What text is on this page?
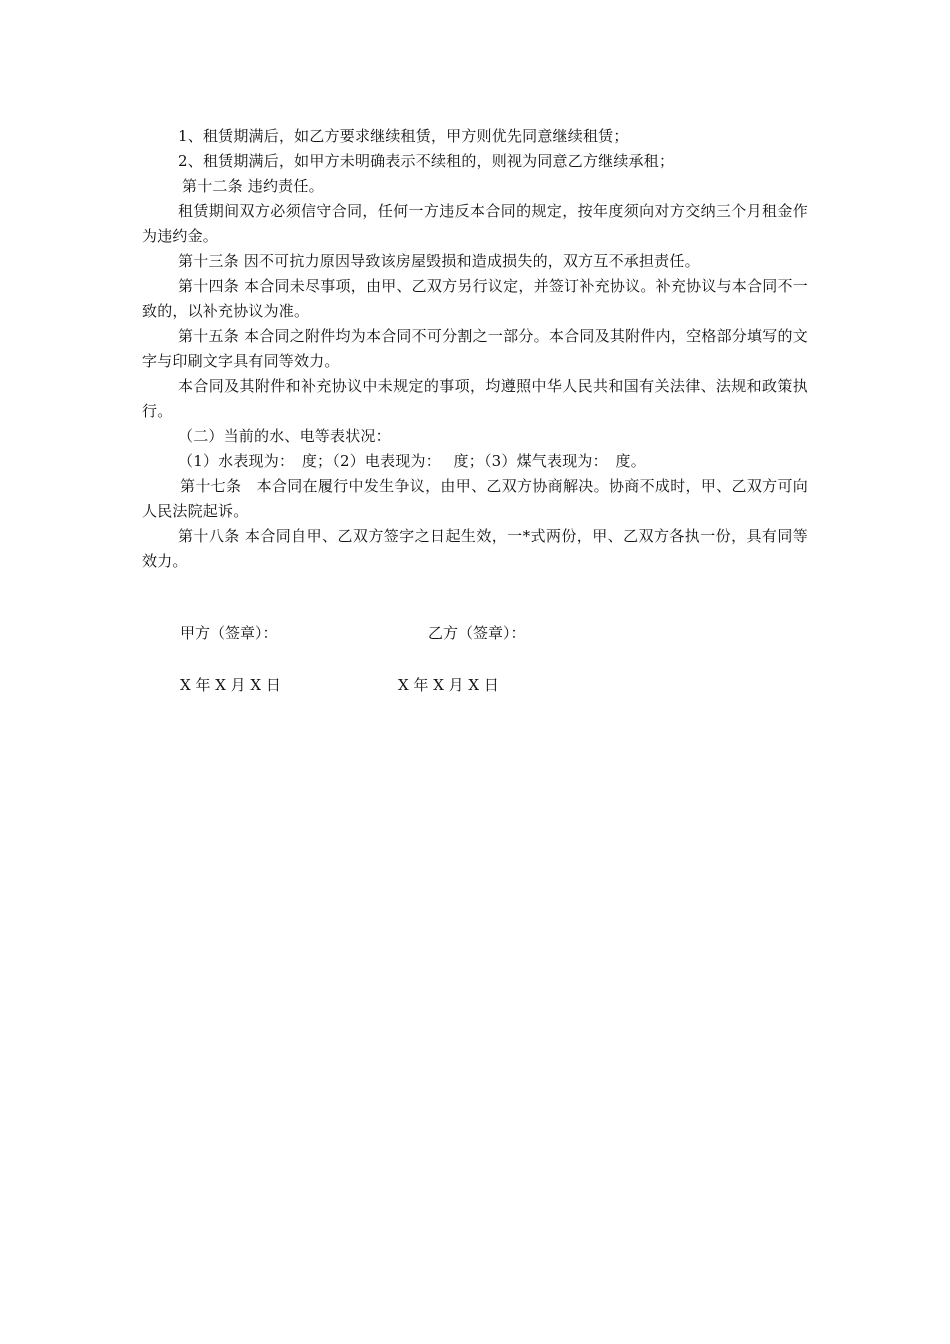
1、租赁期满后，如乙方要求继续租赁，甲方则优先同意继续租赁；

2、租赁期满后，如甲方未明确表示不续租的，则视为同意乙方继续承租；

第十二条 违约责任。

租赁期间双方必须信守合同，任何一方违反本合同的规定，按年度须向对方交纳三个月租金作为违约金。

第十三条 因不可抗力原因导致该房屋毁损和造成损失的，双方互不承担责任。

第十四条 本合同未尽事项，由甲、乙双方另行议定，并签订补充协议。补充协议与本合同不一致的，以补充协议为准。

第十五条 本合同之附件均为本合同不可分割之一部分。本合同及其附件内，空格部分填写的文字与印刷文字具有同等效力。

本合同及其附件和补充协议中未规定的事项，均遵照中华人民共和国有关法律、法规和政策执行。

（二）当前的水、电等表状况：

（1）水表现为：　度；（2）电表现为：　 度；（3）煤气表现为：　度。

第十七条　本合同在履行中发生争议，由甲、乙双方协商解决。协商不成时，甲、乙双方可向人民法院起诉。

第十八条 本合同自甲、乙双方签字之日起生效，一*式两份，甲、乙双方各执一份，具有同等效力。

甲方（签章）：	乙方（签章）：
X 年 X 月 X 日	X 年 X 月 X 日
